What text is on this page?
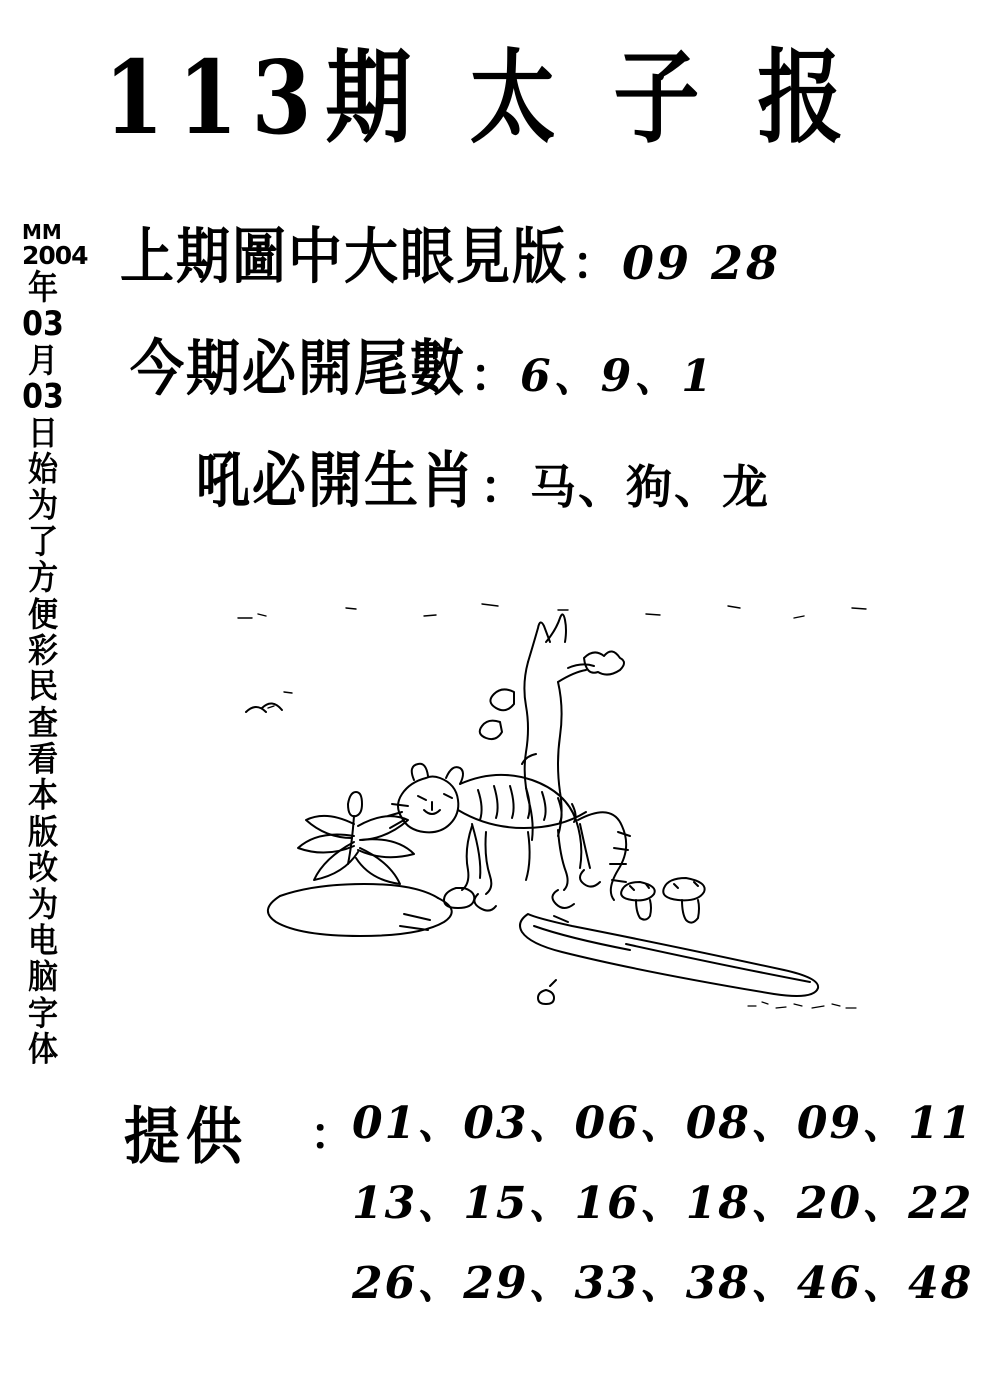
113期 太 子 报
MM
2004
年03月03日始为了方便彩民查看本版改为电脑字体
上期圖中大眼見版：09 28
今期必開尾數：6、9、1
吼必開生肖：马、狗、龙
提供 ：
01、03、06、08、09、11
13、15、16、18、20、22
26、29、33、38、46、48
